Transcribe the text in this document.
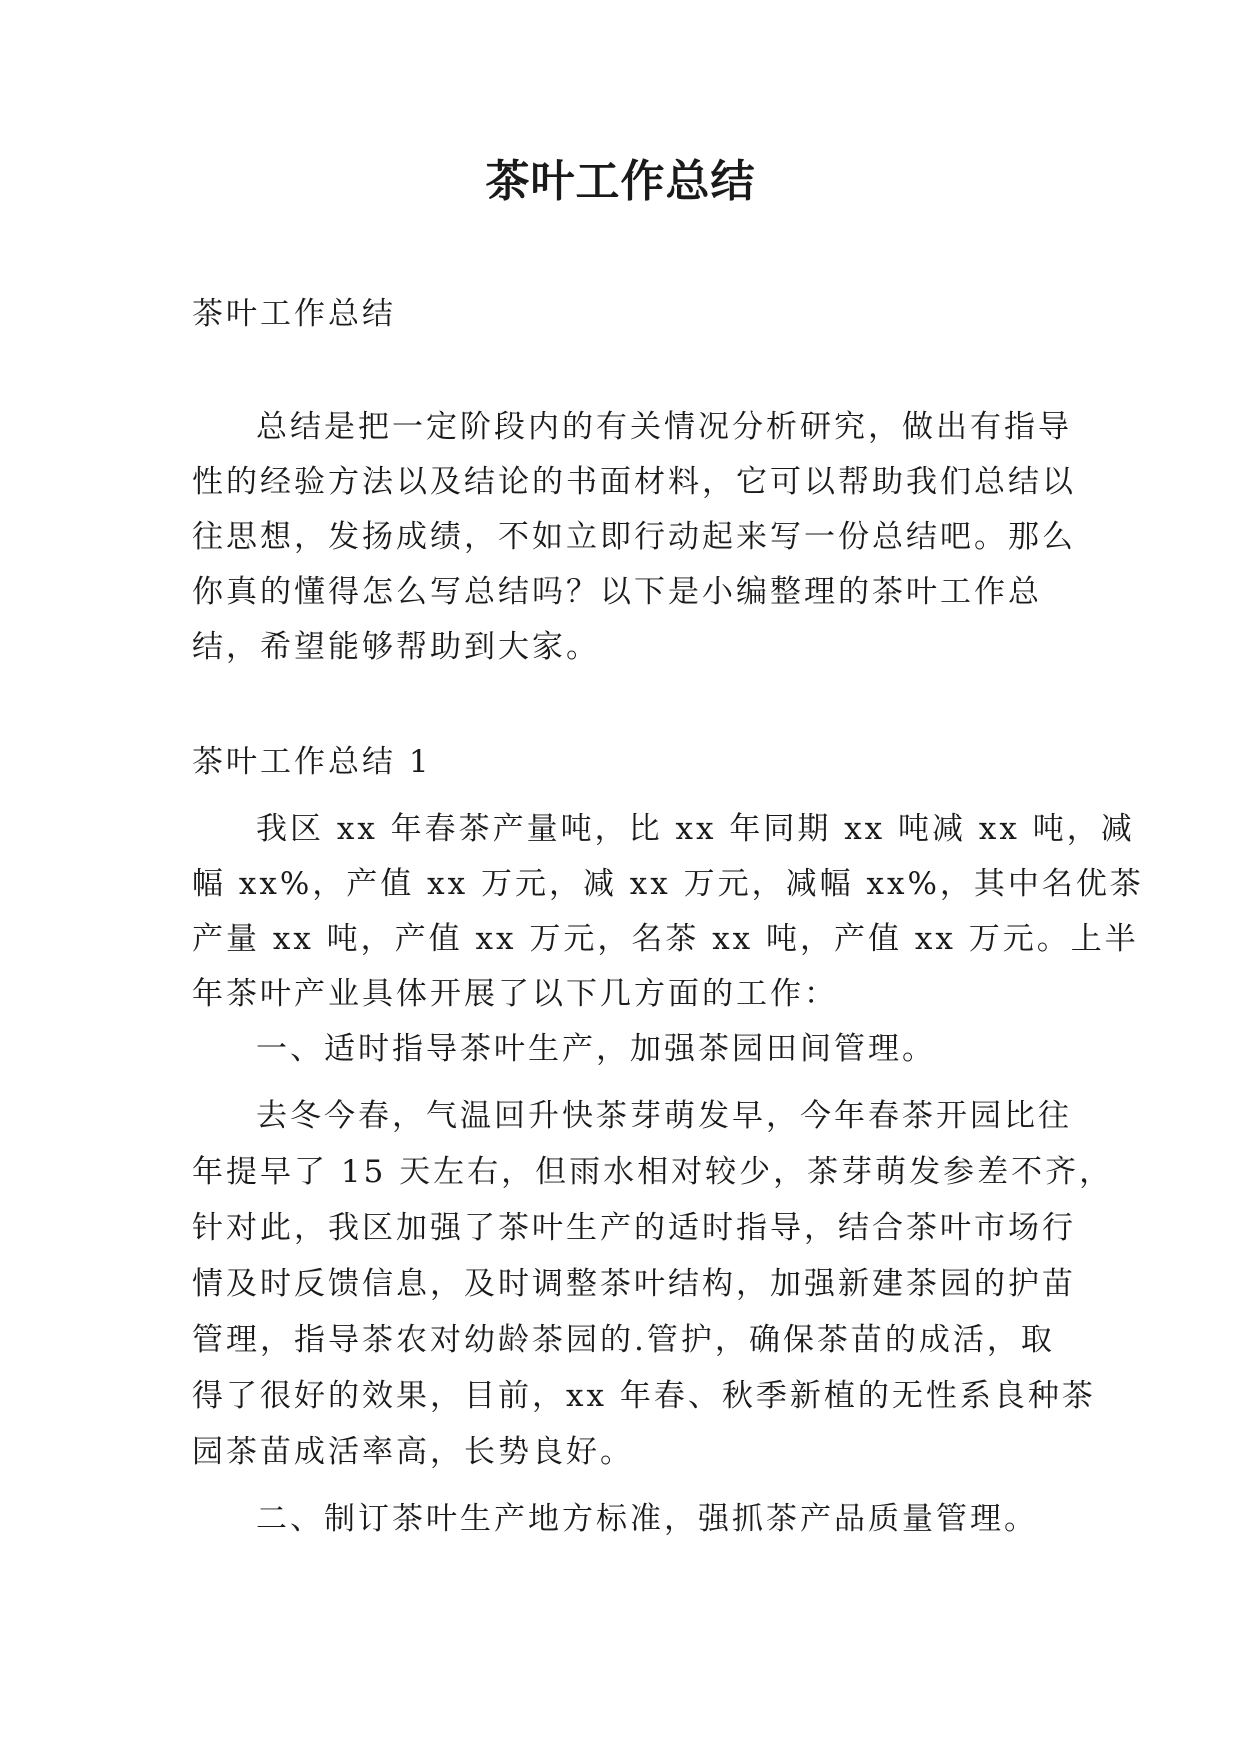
茶叶工作总结

茶叶工作总结

总结是把一定阶段内的有关情况分析研究，做出有指导

性的经验方法以及结论的书面材料，它可以帮助我们总结以

往思想，发扬成绩，不如立即行动起来写一份总结吧。那么

你真的懂得怎么写总结吗？以下是小编整理的茶叶工作总

结，希望能够帮助到大家。

茶叶工作总结 1

我区 xx 年春茶产量吨，比 xx 年同期 xx 吨减 xx 吨，减

幅 xx%，产值 xx 万元，减 xx 万元，减幅 xx%，其中名优茶

产量 xx 吨，产值 xx 万元，名茶 xx 吨，产值 xx 万元。上半

年茶叶产业具体开展了以下几方面的工作：

一、适时指导茶叶生产，加强茶园田间管理。

去冬今春，气温回升快茶芽萌发早，今年春茶开园比往

年提早了 15 天左右，但雨水相对较少，茶芽萌发参差不齐，

针对此，我区加强了茶叶生产的适时指导，结合茶叶市场行

情及时反馈信息，及时调整茶叶结构，加强新建茶园的护苗

管理，指导茶农对幼龄茶园的.管护，确保茶苗的成活，取

得了很好的效果，目前，xx 年春、秋季新植的无性系良种茶

园茶苗成活率高，长势良好。

二、制订茶叶生产地方标准，强抓茶产品质量管理。
